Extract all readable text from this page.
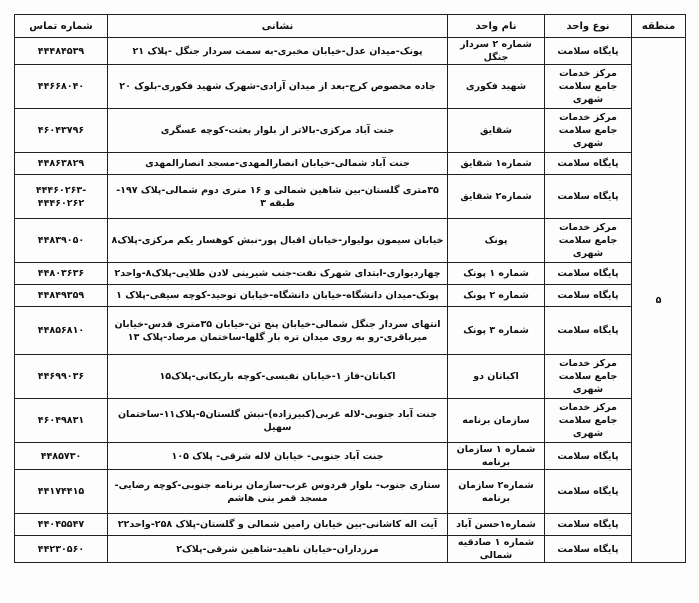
منطقه	نوع واحد	نام واحد	نشانی	شماره تماس
۵	پایگاه سلامت	شماره ۲ سردار جنگل	پونک-میدان عدل-خیابان مخبری-به سمت سردار جنگل -پلاک ۲۱	۴۴۴۸۴۵۳۹
	مرکز خدمات جامع سلامت شهری	شهید فکوری	جاده مخصوص کرج-بعد از میدان آزادی-شهرک شهید فکوری-بلوک ۲۰	۴۴۶۶۸۰۴۰
	مرکز خدمات جامع سلامت شهری	شقایق	جنت آباد مرکزی-بالاتر از بلوار بعثت-کوچه عسگری	۴۶۰۴۳۷۹۶
	پایگاه سلامت	شماره۱ شقایق	جنت آباد شمالی-خیابان انصارالمهدی-مسجد انصارالمهدی	۴۴۸۶۳۸۲۹
	پایگاه سلامت	شماره۲ شقایق	۳۵متری گلستان-بین شاهین شمالی و ۱۶ متری دوم شمالی-پلاک ۱۹۷-طبقه ۳	-۴۴۴۶۰۲۶۳ ۴۴۴۶۰۲۶۲
	مرکز خدمات جامع سلامت شهری	پونک	خیابان سیمون بولیوار-خیابان اقبال پور-نبش کوهسار یکم مرکزی-پلاک۸	۴۴۸۳۹۰۵۰
	پایگاه سلامت	شماره ۱ پونک	چهاردیواری-ابتدای شهرک نفت-جنب شیرینی لادن طلایی-پلاک۸-واحد۲	۴۴۸۰۳۶۳۶
	پایگاه سلامت	شماره ۲ پونک	پونک-میدان دانشگاه-خیابان دانشگاه-خیابان توحید-کوچه سیفی-پلاک ۱	۴۴۸۴۹۳۵۹
	پایگاه سلامت	شماره ۳ پونک	انتهای سردار جنگل شمالی-خیابان پنج تن-خیابان ۳۵متری قدس-خیابان میرباقری-رو به روی میدان تره بار گلها-ساختمان مرصاد-پلاک ۱۳	۴۴۸۵۶۸۱۰
	مرکز خدمات جامع سلامت شهری	اکباتان دو	اکباتان-فاز ۱-خیابان نفیسی-کوچه باریکانی-پلاک۱۵	۴۴۶۹۹۰۳۶
	مرکز خدمات جامع سلامت شهری	سازمان برنامه	جنت آباد جنوبی-لاله غربی(کبیرزاده)-نبش گلستان۵-پلاک۱۱-ساختمان سهیل	۴۶۰۴۹۸۳۱
	پایگاه سلامت	شماره ۱ سازمان برنامه	جنت آباد جنوبی- خیابان لاله شرقی- پلاک ۱۰۵	۴۴۸۵۷۳۰
	پایگاه سلامت	شماره۲ سازمان برنامه	ستاری جنوب- بلوار فردوس غرب-سازمان برنامه جنوبی-کوچه رضایی- مسجد قمر بنی هاشم	۴۴۱۷۴۴۱۵
	پایگاه سلامت	شماره۱حسن آباد	آیت اله کاشانی-بین خیابان رامین شمالی و گلستان-پلاک ۲۵۸-واحد۲۲	۴۴۰۴۵۵۴۷
	پایگاه سلامت	شماره ۱ صادقیه شمالی	مرزداران-خیابان ناهید-شاهین شرقی-پلاک۲	۴۴۲۳۰۵۶۰
